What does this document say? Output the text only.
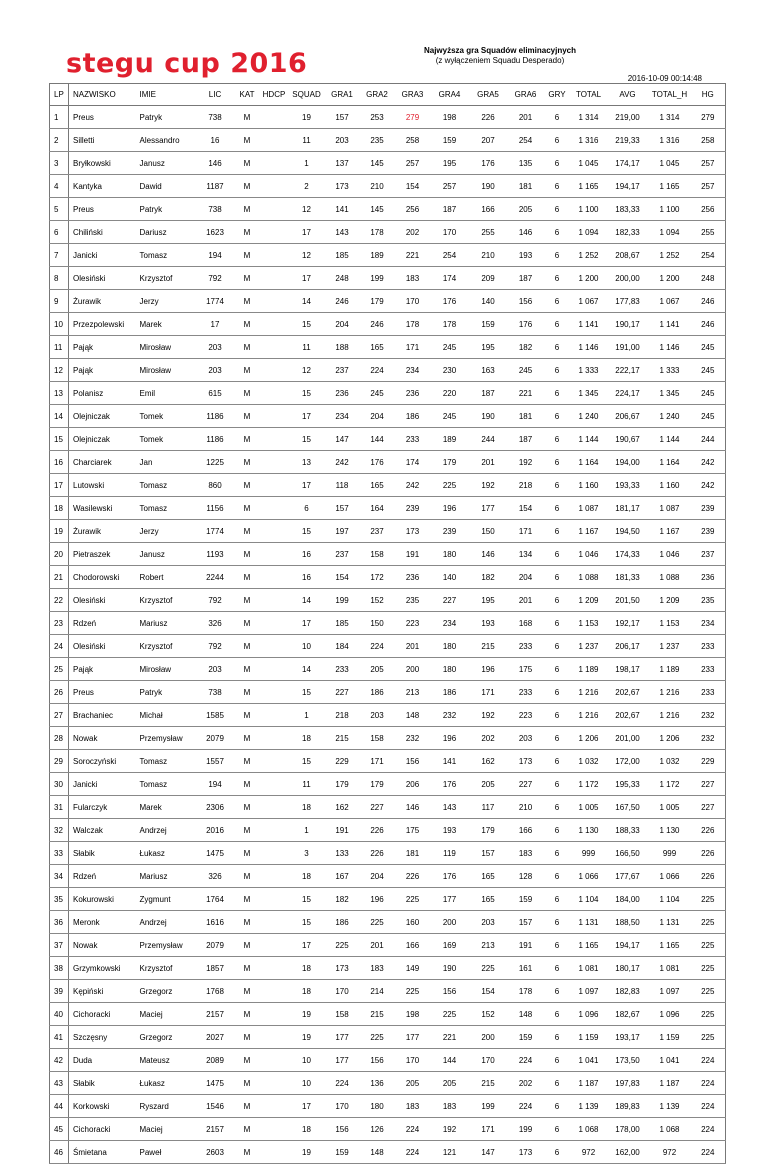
stegu cup 2016	Najwyższa gra Squadów eliminacyjnych
(z wyłączeniem Squadu Desperado)
2016-10-09 00:14:48
LP	NAZWISKO	IMIE	LIC	KAT	HDCP	SQUAD	GRA1	GRA2	GRA3	GRA4	GRA5	GRA6	GRY	TOTAL	AVG	TOTAL_H	HG
1	Preus	Patryk	738	M		19	157	253	279	198	226	201	6	1 314	219,00	1 314	279
2	Silletti	Alessandro	16	M		11	203	235	258	159	207	254	6	1 316	219,33	1 316	258
3	Bryłkowski	Janusz	146	M		1	137	145	257	195	176	135	6	1 045	174,17	1 045	257
4	Kantyka	Dawid	1187	M		2	173	210	154	257	190	181	6	1 165	194,17	1 165	257
5	Preus	Patryk	738	M		12	141	145	256	187	166	205	6	1 100	183,33	1 100	256
6	Chiliński	Dariusz	1623	M		17	143	178	202	170	255	146	6	1 094	182,33	1 094	255
7	Janicki	Tomasz	194	M		12	185	189	221	254	210	193	6	1 252	208,67	1 252	254
8	Olesiński	Krzysztof	792	M		17	248	199	183	174	209	187	6	1 200	200,00	1 200	248
9	Żurawik	Jerzy	1774	M		14	246	179	170	176	140	156	6	1 067	177,83	1 067	246
10	Przezpolewski	Marek	17	M		15	204	246	178	178	159	176	6	1 141	190,17	1 141	246
11	Pająk	Mirosław	203	M		11	188	165	171	245	195	182	6	1 146	191,00	1 146	245
12	Pająk	Mirosław	203	M		12	237	224	234	230	163	245	6	1 333	222,17	1 333	245
13	Polanisz	Emil	615	M		15	236	245	236	220	187	221	6	1 345	224,17	1 345	245
14	Olejniczak	Tomek	1186	M		17	234	204	186	245	190	181	6	1 240	206,67	1 240	245
15	Olejniczak	Tomek	1186	M		15	147	144	233	189	244	187	6	1 144	190,67	1 144	244
16	Charciarek	Jan	1225	M		13	242	176	174	179	201	192	6	1 164	194,00	1 164	242
17	Lutowski	Tomasz	860	M		17	118	165	242	225	192	218	6	1 160	193,33	1 160	242
18	Wasilewski	Tomasz	1156	M		6	157	164	239	196	177	154	6	1 087	181,17	1 087	239
19	Żurawik	Jerzy	1774	M		15	197	237	173	239	150	171	6	1 167	194,50	1 167	239
20	Pietraszek	Janusz	1193	M		16	237	158	191	180	146	134	6	1 046	174,33	1 046	237
21	Chodorowski	Robert	2244	M		16	154	172	236	140	182	204	6	1 088	181,33	1 088	236
22	Olesiński	Krzysztof	792	M		14	199	152	235	227	195	201	6	1 209	201,50	1 209	235
23	Rdzeń	Mariusz	326	M		17	185	150	223	234	193	168	6	1 153	192,17	1 153	234
24	Olesiński	Krzysztof	792	M		10	184	224	201	180	215	233	6	1 237	206,17	1 237	233
25	Pająk	Mirosław	203	M		14	233	205	200	180	196	175	6	1 189	198,17	1 189	233
26	Preus	Patryk	738	M		15	227	186	213	186	171	233	6	1 216	202,67	1 216	233
27	Brachaniec	Michał	1585	M		1	218	203	148	232	192	223	6	1 216	202,67	1 216	232
28	Nowak	Przemysław	2079	M		18	215	158	232	196	202	203	6	1 206	201,00	1 206	232
29	Soroczyński	Tomasz	1557	M		15	229	171	156	141	162	173	6	1 032	172,00	1 032	229
30	Janicki	Tomasz	194	M		11	179	179	206	176	205	227	6	1 172	195,33	1 172	227
31	Fularczyk	Marek	2306	M		18	162	227	146	143	117	210	6	1 005	167,50	1 005	227
32	Walczak	Andrzej	2016	M		1	191	226	175	193	179	166	6	1 130	188,33	1 130	226
33	Słabik	Łukasz	1475	M		3	133	226	181	119	157	183	6	999	166,50	999	226
34	Rdzeń	Mariusz	326	M		18	167	204	226	176	165	128	6	1 066	177,67	1 066	226
35	Kokurowski	Zygmunt	1764	M		15	182	196	225	177	165	159	6	1 104	184,00	1 104	225
36	Meronk	Andrzej	1616	M		15	186	225	160	200	203	157	6	1 131	188,50	1 131	225
37	Nowak	Przemysław	2079	M		17	225	201	166	169	213	191	6	1 165	194,17	1 165	225
38	Grzymkowski	Krzysztof	1857	M		18	173	183	149	190	225	161	6	1 081	180,17	1 081	225
39	Kępiński	Grzegorz	1768	M		18	170	214	225	156	154	178	6	1 097	182,83	1 097	225
40	Cichoracki	Maciej	2157	M		19	158	215	198	225	152	148	6	1 096	182,67	1 096	225
41	Szczęsny	Grzegorz	2027	M		19	177	225	177	221	200	159	6	1 159	193,17	1 159	225
42	Duda	Mateusz	2089	M		10	177	156	170	144	170	224	6	1 041	173,50	1 041	224
43	Słabik	Łukasz	1475	M		10	224	136	205	205	215	202	6	1 187	197,83	1 187	224
44	Korkowski	Ryszard	1546	M		17	170	180	183	183	199	224	6	1 139	189,83	1 139	224
45	Cichoracki	Maciej	2157	M		18	156	126	224	192	171	199	6	1 068	178,00	1 068	224
46	Śmietana	Paweł	2603	M		19	159	148	224	121	147	173	6	972	162,00	972	224
